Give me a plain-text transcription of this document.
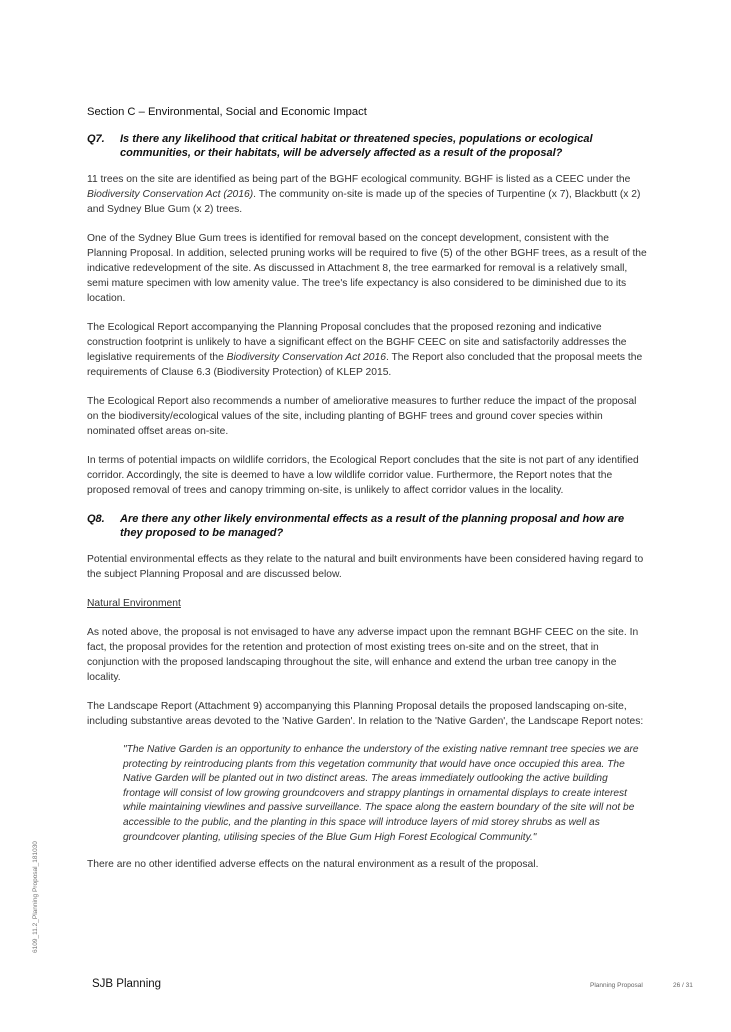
Section C – Environmental, Social and Economic Impact
Q7.	Is there any likelihood that critical habitat or threatened species, populations or ecological communities, or their habitats, will be adversely affected as a result of the proposal?

11 trees on the site are identified as being part of the BGHF ecological community. BGHF is listed as a CEEC under the Biodiversity Conservation Act (2016). The community on-site is made up of the species of Turpentine (x 7), Blackbutt (x 2) and Sydney Blue Gum (x 2) trees.

One of the Sydney Blue Gum trees is identified for removal based on the concept development, consistent with the Planning Proposal. In addition, selected pruning works will be required to five (5) of the other BGHF trees, as a result of the indicative redevelopment of the site. As discussed in Attachment 8, the tree earmarked for removal is a relatively small, semi mature specimen with low amenity value. The tree's life expectancy is also considered to be diminished due to its location.

The Ecological Report accompanying the Planning Proposal concludes that the proposed rezoning and indicative construction footprint is unlikely to have a significant effect on the BGHF CEEC on site and satisfactorily addresses the legislative requirements of the Biodiversity Conservation Act 2016. The Report also concluded that the proposal meets the requirements of Clause 6.3 (Biodiversity Protection) of KLEP 2015.

The Ecological Report also recommends a number of ameliorative measures to further reduce the impact of the proposal on the biodiversity/ecological values of the site, including planting of BGHF trees and ground cover species within nominated offset areas on-site.

In terms of potential impacts on wildlife corridors, the Ecological Report concludes that the site is not part of any identified corridor. Accordingly, the site is deemed to have a low wildlife corridor value. Furthermore, the Report notes that the proposed removal of trees and canopy trimming on-site, is unlikely to affect corridor values in the locality.

Q8.	Are there any other likely environmental effects as a result of the planning proposal and how are they proposed to be managed?

Potential environmental effects as they relate to the natural and built environments have been considered having regard to the subject Planning Proposal and are discussed below.

Natural Environment

As noted above, the proposal is not envisaged to have any adverse impact upon the remnant BGHF CEEC on the site. In fact, the proposal provides for the retention and protection of most existing trees on-site and on the street, that in conjunction with the proposed landscaping throughout the site, will enhance and extend the urban tree canopy in the locality.

The Landscape Report (Attachment 9) accompanying this Planning Proposal details the proposed landscaping on-site, including substantive areas devoted to the 'Native Garden'. In relation to the 'Native Garden', the Landscape Report notes:

"The Native Garden is an opportunity to enhance the understory of the existing native remnant tree species we are protecting by reintroducing plants from this vegetation community that would have once occupied this area. The Native Garden will be planted out in two distinct areas. The areas immediately outlooking the active building frontage will consist of low growing groundcovers and strappy plantings in ornamental displays to create interest while maintaining viewlines and passive surveillance. The space along the eastern boundary of the site will not be accessible to the public, and the planting in this space will introduce layers of mid storey shrubs as well as groundcover planting, utilising species of the Blue Gum High Forest Ecological Community."

There are no other identified adverse effects on the natural environment as a result of the proposal.

6109_11.2_Planning Proposal_181030
SJB Planning	Planning Proposal	26 / 31
